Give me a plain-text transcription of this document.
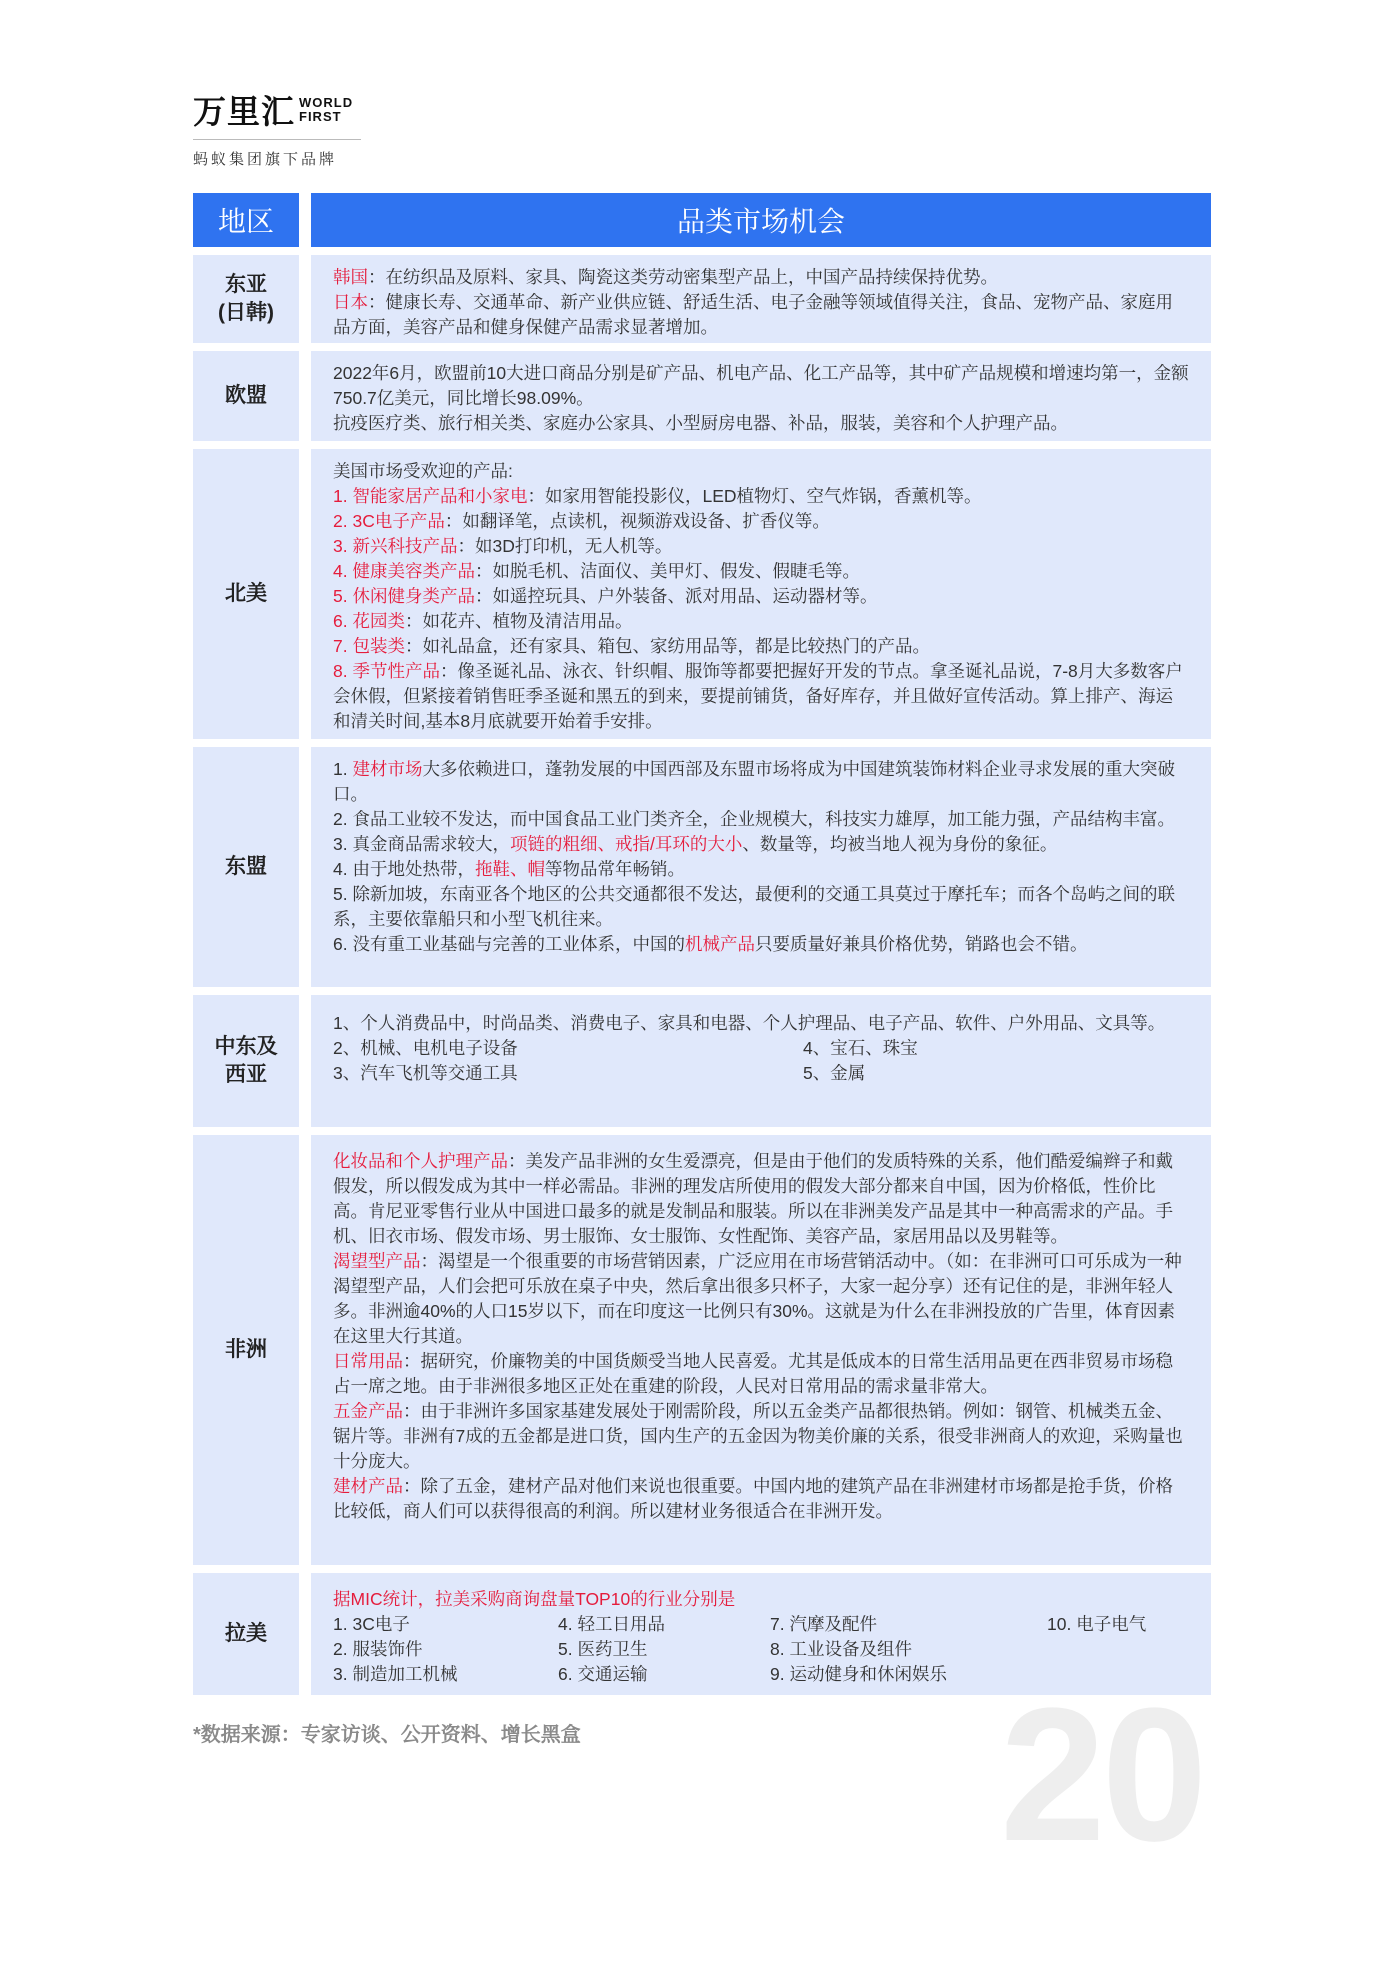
万里汇 WORLD
FIRST
蚂蚁集团旗下品牌
地区	品类市场机会
东亚
(日韩)
韩国：在纺织品及原料、家具、陶瓷这类劳动密集型产品上，中国产品持续保持优势。
日本：健康长寿、交通革命、新产业供应链、舒适生活、电子金融等领域值得关注，食品、宠物产品、家庭用品方面，美容产品和健身保健产品需求显著增加。
欧盟
2022年6月，欧盟前10大进口商品分别是矿产品、机电产品、化工产品等，其中矿产品规模和增速均第一，金额750.7亿美元，同比增长98.09%。
抗疫医疗类、旅行相关类、家庭办公家具、小型厨房电器、补品，服装，美容和个人护理产品。
北美
美国市场受欢迎的产品:
1. 智能家居产品和小家电：如家用智能投影仪，LED植物灯、空气炸锅，香薰机等。
2. 3C电子产品：如翻译笔，点读机，视频游戏设备、扩香仪等。
3. 新兴科技产品：如3D打印机，无人机等。
4. 健康美容类产品：如脱毛机、洁面仪、美甲灯、假发、假睫毛等。
5. 休闲健身类产品：如遥控玩具、户外装备、派对用品、运动器材等。
6. 花园类：如花卉、植物及清洁用品。
7. 包装类：如礼品盒，还有家具、箱包、家纺用品等，都是比较热门的产品。
8. 季节性产品：像圣诞礼品、泳衣、针织帽、服饰等都要把握好开发的节点。拿圣诞礼品说，7-8月大多数客户会休假，但紧接着销售旺季圣诞和黑五的到来，要提前铺货，备好库存，并且做好宣传活动。算上排产、海运和清关时间,基本8月底就要开始着手安排。
东盟
1. 建材市场大多依赖进口，蓬勃发展的中国西部及东盟市场将成为中国建筑装饰材料企业寻求发展的重大突破口。
2. 食品工业较不发达，而中国食品工业门类齐全，企业规模大，科技实力雄厚，加工能力强，产品结构丰富。
3. 真金商品需求较大，项链的粗细、戒指/耳环的大小、数量等，均被当地人视为身份的象征。
4. 由于地处热带，拖鞋、帽等物品常年畅销。
5. 除新加坡，东南亚各个地区的公共交通都很不发达，最便利的交通工具莫过于摩托车；而各个岛屿之间的联系，主要依靠船只和小型飞机往来。
6. 没有重工业基础与完善的工业体系，中国的机械产品只要质量好兼具价格优势，销路也会不错。
中东及
西亚
1、个人消费品中，时尚品类、消费电子、家具和电器、个人护理品、电子产品、软件、户外用品、文具等。
2、机械、电机电子设备	4、宝石、珠宝
3、汽车飞机等交通工具	5、金属
非洲
化妆品和个人护理产品：美发产品非洲的女生爱漂亮，但是由于他们的发质特殊的关系，他们酷爱编辫子和戴假发，所以假发成为其中一样必需品。非洲的理发店所使用的假发大部分都来自中国，因为价格低，性价比高。肯尼亚零售行业从中国进口最多的就是发制品和服装。所以在非洲美发产品是其中一种高需求的产品。手机、旧衣市场、假发市场、男士服饰、女士服饰、女性配饰、美容产品，家居用品以及男鞋等。
渴望型产品：渴望是一个很重要的市场营销因素，广泛应用在市场营销活动中。（如：在非洲可口可乐成为一种渴望型产品，人们会把可乐放在桌子中央，然后拿出很多只杯子，大家一起分享）还有记住的是，非洲年轻人多。非洲逾40%的人口15岁以下，而在印度这一比例只有30%。这就是为什么在非洲投放的广告里，体育因素在这里大行其道。
日常用品：据研究，价廉物美的中国货颇受当地人民喜爱。尤其是低成本的日常生活用品更在西非贸易市场稳占一席之地。由于非洲很多地区正处在重建的阶段，人民对日常用品的需求量非常大。
五金产品：由于非洲许多国家基建发展处于刚需阶段，所以五金类产品都很热销。例如：钢管、机械类五金、锯片等。非洲有7成的五金都是进口货，国内生产的五金因为物美价廉的关系，很受非洲商人的欢迎，采购量也十分庞大。
建材产品：除了五金，建材产品对他们来说也很重要。中国内地的建筑产品在非洲建材市场都是抢手货，价格比较低，商人们可以获得很高的利润。所以建材业务很适合在非洲开发。
拉美
据MIC统计，拉美采购商询盘量TOP10的行业分别是
1. 3C电子	4. 轻工日用品	7. 汽摩及配件	10. 电子电气
2. 服装饰件	5. 医药卫生	8. 工业设备及组件
3. 制造加工机械	6. 交通运输	9. 运动健身和休闲娱乐 20
*数据来源：专家访谈、公开资料、增长黑盒
